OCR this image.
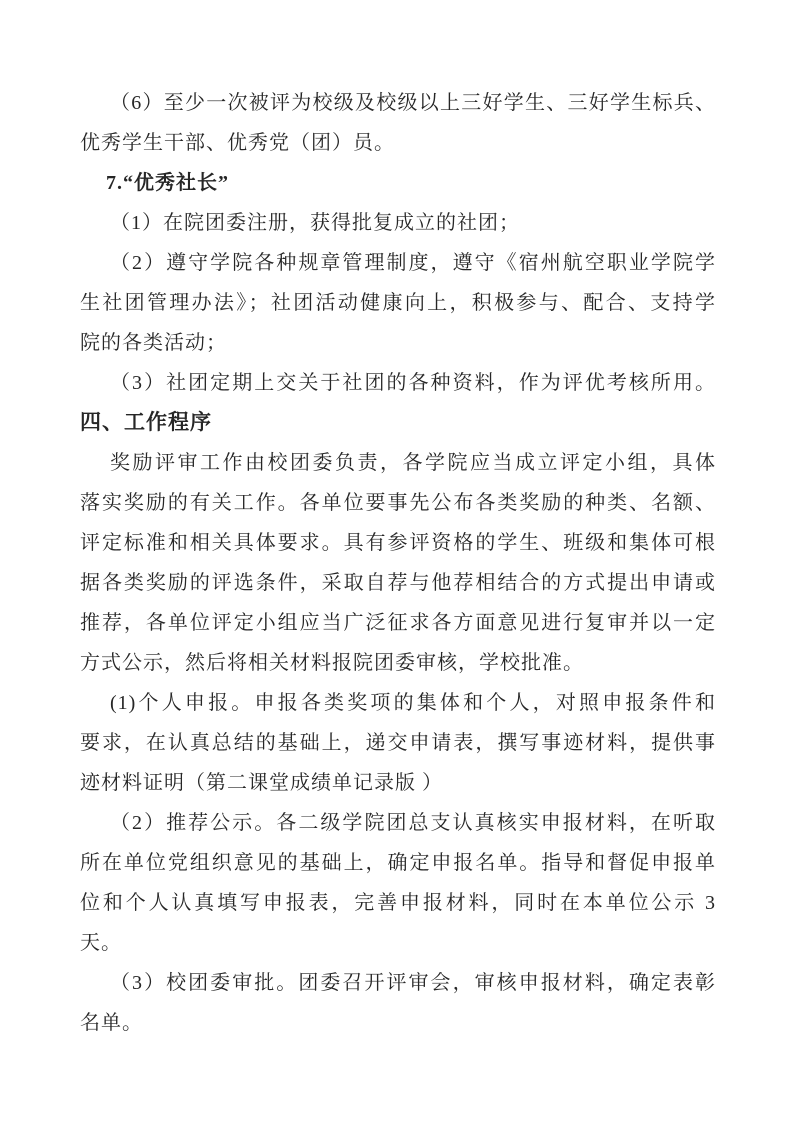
（6）至少一次被评为校级及校级以上三好学生、三好学生标兵、
优秀学生干部、优秀党（团）员。
7.“优秀社长”
（1）在院团委注册，获得批复成立的社团；
（2）遵守学院各种规章管理制度，遵守《宿州航空职业学院学
生社团管理办法》；社团活动健康向上，积极参与、配合、支持学
院的各类活动；
（3）社团定期上交关于社团的各种资料，作为评优考核所用。
四、工作程序
奖励评审工作由校团委负责，各学院应当成立评定小组，具体
落实奖励的有关工作。各单位要事先公布各类奖励的种类、名额、
评定标准和相关具体要求。具有参评资格的学生、班级和集体可根
据各类奖励的评选条件，采取自荐与他荐相结合的方式提出申请或
推荐，各单位评定小组应当广泛征求各方面意见进行复审并以一定
方式公示，然后将相关材料报院团委审核，学校批准。
(1)个人申报。申报各类奖项的集体和个人，对照申报条件和
要求，在认真总结的基础上，递交申请表，撰写事迹材料，提供事
迹材料证明（第二课堂成绩单记录版 ）
（2）推荐公示。各二级学院团总支认真核实申报材料，在听取
所在单位党组织意见的基础上，确定申报名单。指导和督促申报单
位和个人认真填写申报表，完善申报材料，同时在本单位公示 3
天。
（3）校团委审批。团委召开评审会，审核申报材料，确定表彰
名单。
